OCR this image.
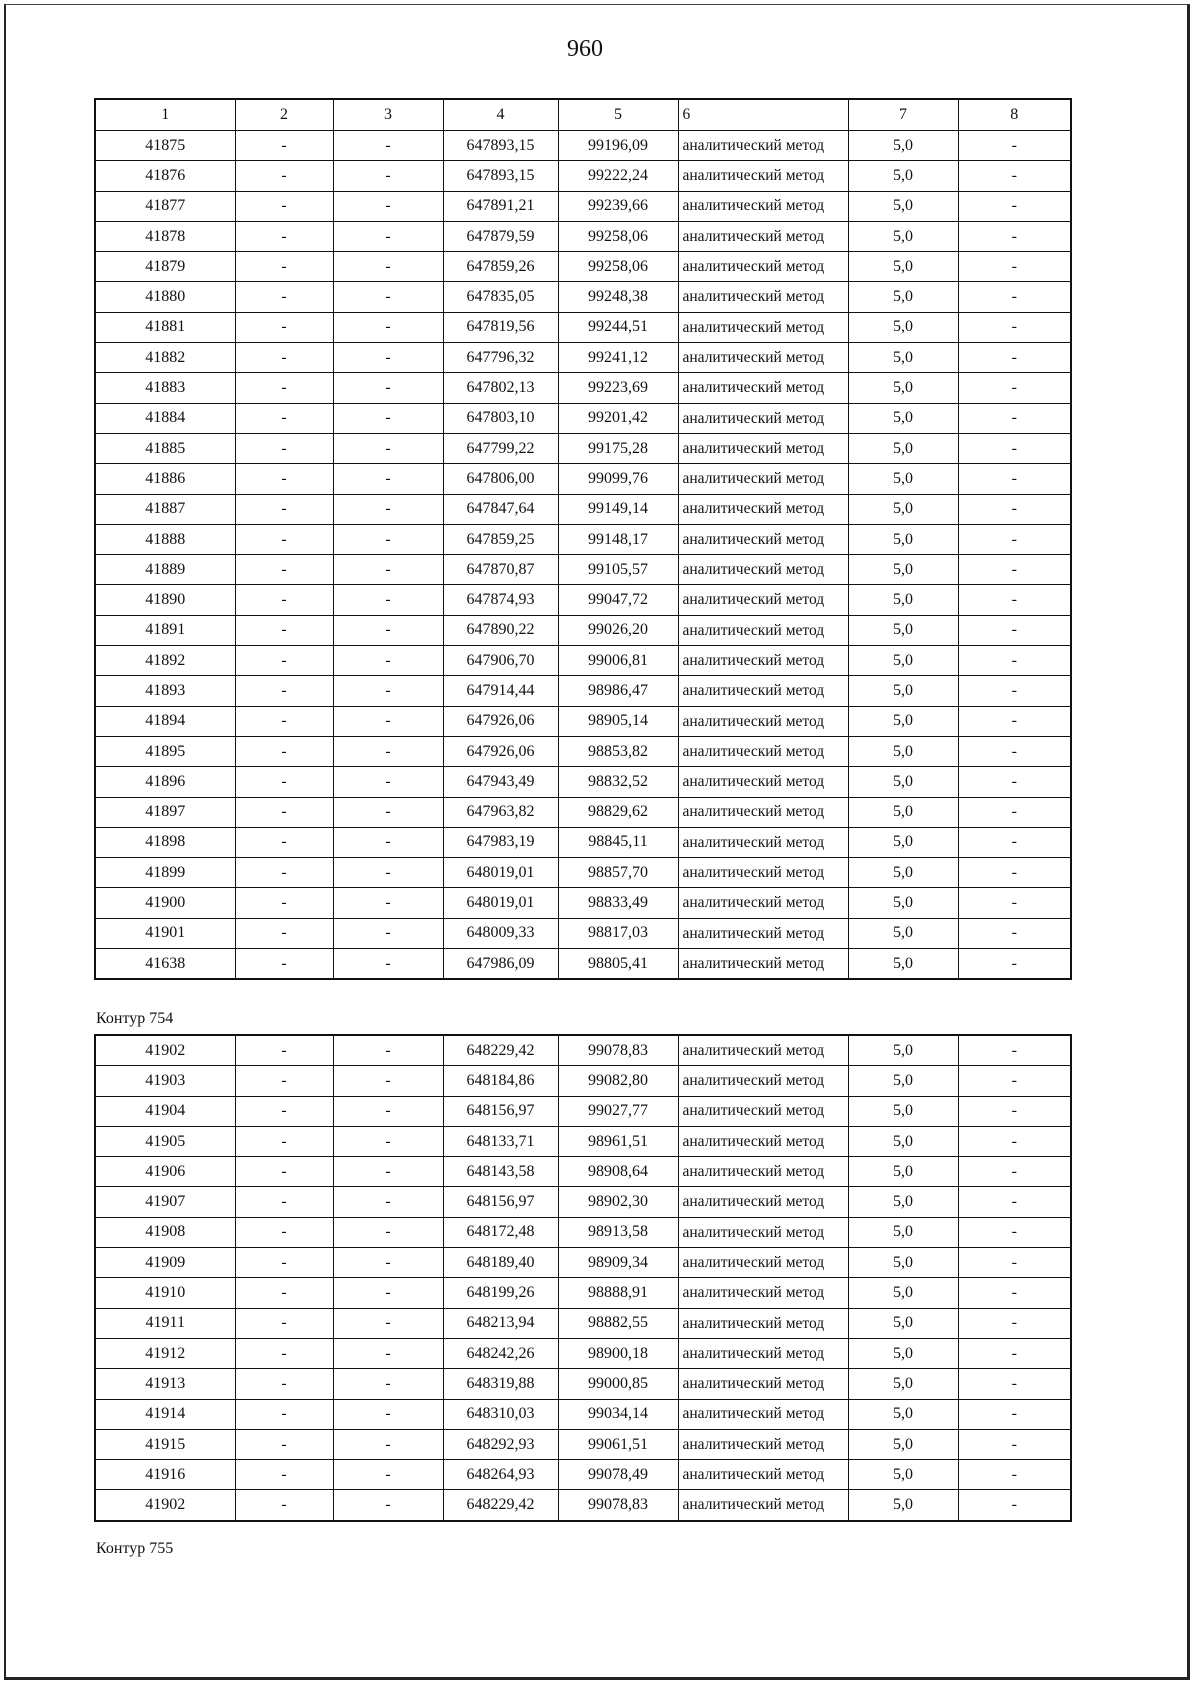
960
1	2	3	4	5	6	7	8
41875	-	-	647893,15	99196,09	аналитический метод	5,0	-
41876	-	-	647893,15	99222,24	аналитический метод	5,0	-
41877	-	-	647891,21	99239,66	аналитический метод	5,0	-
41878	-	-	647879,59	99258,06	аналитический метод	5,0	-
41879	-	-	647859,26	99258,06	аналитический метод	5,0	-
41880	-	-	647835,05	99248,38	аналитический метод	5,0	-
41881	-	-	647819,56	99244,51	аналитический метод	5,0	-
41882	-	-	647796,32	99241,12	аналитический метод	5,0	-
41883	-	-	647802,13	99223,69	аналитический метод	5,0	-
41884	-	-	647803,10	99201,42	аналитический метод	5,0	-
41885	-	-	647799,22	99175,28	аналитический метод	5,0	-
41886	-	-	647806,00	99099,76	аналитический метод	5,0	-
41887	-	-	647847,64	99149,14	аналитический метод	5,0	-
41888	-	-	647859,25	99148,17	аналитический метод	5,0	-
41889	-	-	647870,87	99105,57	аналитический метод	5,0	-
41890	-	-	647874,93	99047,72	аналитический метод	5,0	-
41891	-	-	647890,22	99026,20	аналитический метод	5,0	-
41892	-	-	647906,70	99006,81	аналитический метод	5,0	-
41893	-	-	647914,44	98986,47	аналитический метод	5,0	-
41894	-	-	647926,06	98905,14	аналитический метод	5,0	-
41895	-	-	647926,06	98853,82	аналитический метод	5,0	-
41896	-	-	647943,49	98832,52	аналитический метод	5,0	-
41897	-	-	647963,82	98829,62	аналитический метод	5,0	-
41898	-	-	647983,19	98845,11	аналитический метод	5,0	-
41899	-	-	648019,01	98857,70	аналитический метод	5,0	-
41900	-	-	648019,01	98833,49	аналитический метод	5,0	-
41901	-	-	648009,33	98817,03	аналитический метод	5,0	-
41638	-	-	647986,09	98805,41	аналитический метод	5,0	-
Контур 754
41902	-	-	648229,42	99078,83	аналитический метод	5,0	-
41903	-	-	648184,86	99082,80	аналитический метод	5,0	-
41904	-	-	648156,97	99027,77	аналитический метод	5,0	-
41905	-	-	648133,71	98961,51	аналитический метод	5,0	-
41906	-	-	648143,58	98908,64	аналитический метод	5,0	-
41907	-	-	648156,97	98902,30	аналитический метод	5,0	-
41908	-	-	648172,48	98913,58	аналитический метод	5,0	-
41909	-	-	648189,40	98909,34	аналитический метод	5,0	-
41910	-	-	648199,26	98888,91	аналитический метод	5,0	-
41911	-	-	648213,94	98882,55	аналитический метод	5,0	-
41912	-	-	648242,26	98900,18	аналитический метод	5,0	-
41913	-	-	648319,88	99000,85	аналитический метод	5,0	-
41914	-	-	648310,03	99034,14	аналитический метод	5,0	-
41915	-	-	648292,93	99061,51	аналитический метод	5,0	-
41916	-	-	648264,93	99078,49	аналитический метод	5,0	-
41902	-	-	648229,42	99078,83	аналитический метод	5,0	-
Контур 755
